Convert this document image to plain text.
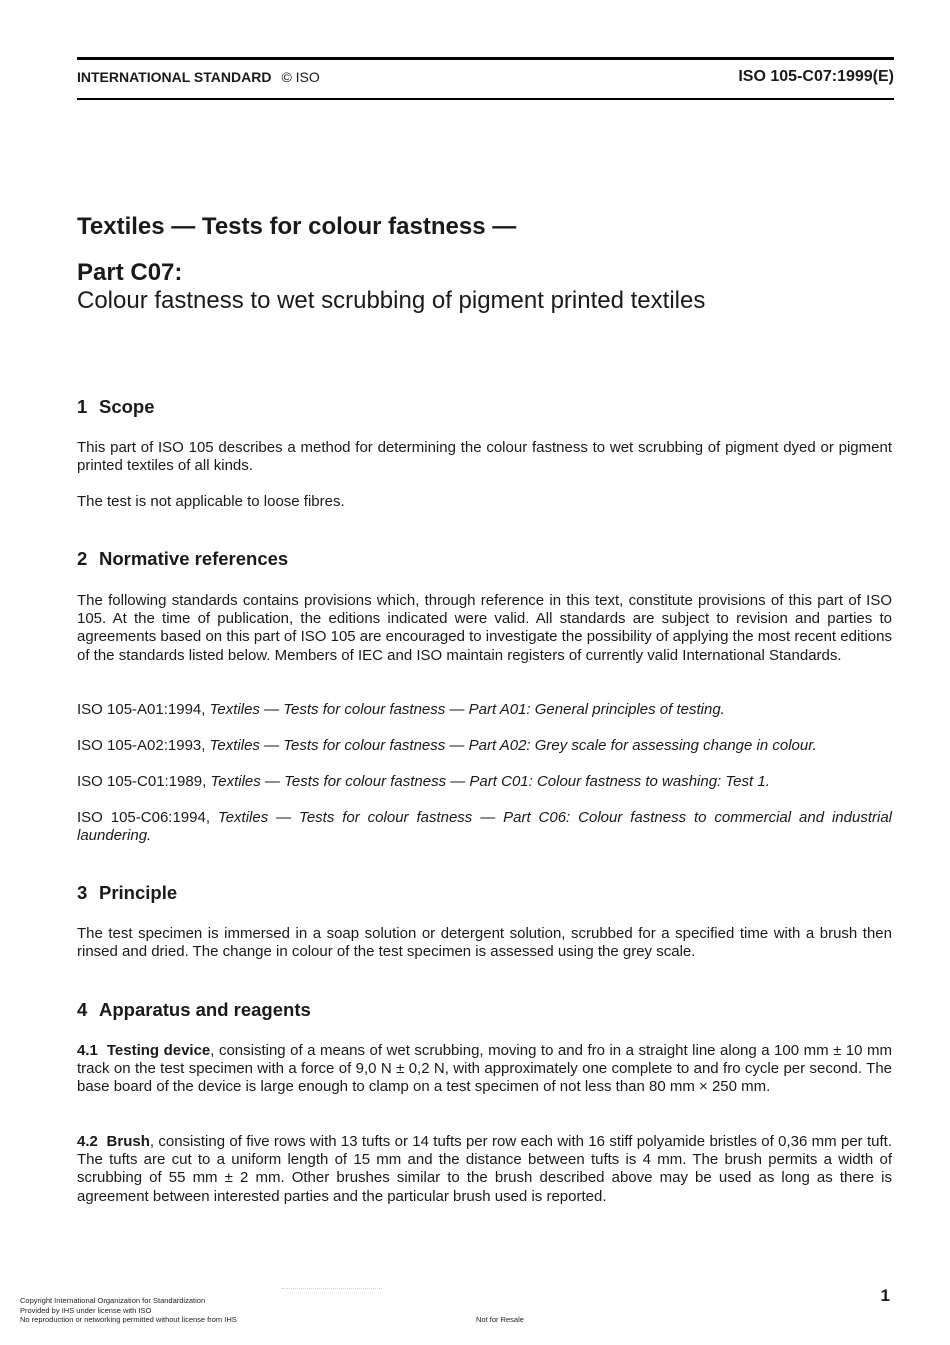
INTERNATIONAL STANDARD © ISO	ISO 105-C07:1999(E)
Textiles — Tests for colour fastness —
Part C07:
Colour fastness to wet scrubbing of pigment printed textiles
1 Scope
This part of ISO 105 describes a method for determining the colour fastness to wet scrubbing of pigment dyed or pigment printed textiles of all kinds.
The test is not applicable to loose fibres.
2 Normative references
The following standards contains provisions which, through reference in this text, constitute provisions of this part of ISO 105. At the time of publication, the editions indicated were valid. All standards are subject to revision and parties to agreements based on this part of ISO 105 are encouraged to investigate the possibility of applying the most recent editions of the standards listed below. Members of IEC and ISO maintain registers of currently valid International Standards.
ISO 105-A01:1994, Textiles — Tests for colour fastness — Part A01: General principles of testing.
ISO 105-A02:1993, Textiles — Tests for colour fastness — Part A02: Grey scale for assessing change in colour.
ISO 105-C01:1989, Textiles — Tests for colour fastness — Part C01: Colour fastness to washing: Test 1.
ISO 105-C06:1994, Textiles — Tests for colour fastness — Part C06: Colour fastness to commercial and industrial laundering.
3 Principle
The test specimen is immersed in a soap solution or detergent solution, scrubbed for a specified time with a brush then rinsed and dried. The change in colour of the test specimen is assessed using the grey scale.
4 Apparatus and reagents
4.1 Testing device, consisting of a means of wet scrubbing, moving to and fro in a straight line along a 100 mm ± 10 mm track on the test specimen with a force of 9,0 N ± 0,2 N, with approximately one complete to and fro cycle per second. The base board of the device is large enough to clamp on a test specimen of not less than 80 mm × 250 mm.
4.2 Brush, consisting of five rows with 13 tufts or 14 tufts per row each with 16 stiff polyamide bristles of 0,36 mm per tuft. The tufts are cut to a uniform length of 15 mm and the distance between tufts is 4 mm. The brush permits a width of scrubbing of 55 mm ± 2 mm. Other brushes similar to the brush described above may be used as long as there is agreement between interested parties and the particular brush used is reported.
Copyright International Organization for Standardization
Provided by IHS under license with ISO
No reproduction or networking permitted without license from IHS	Not for Resale
1
